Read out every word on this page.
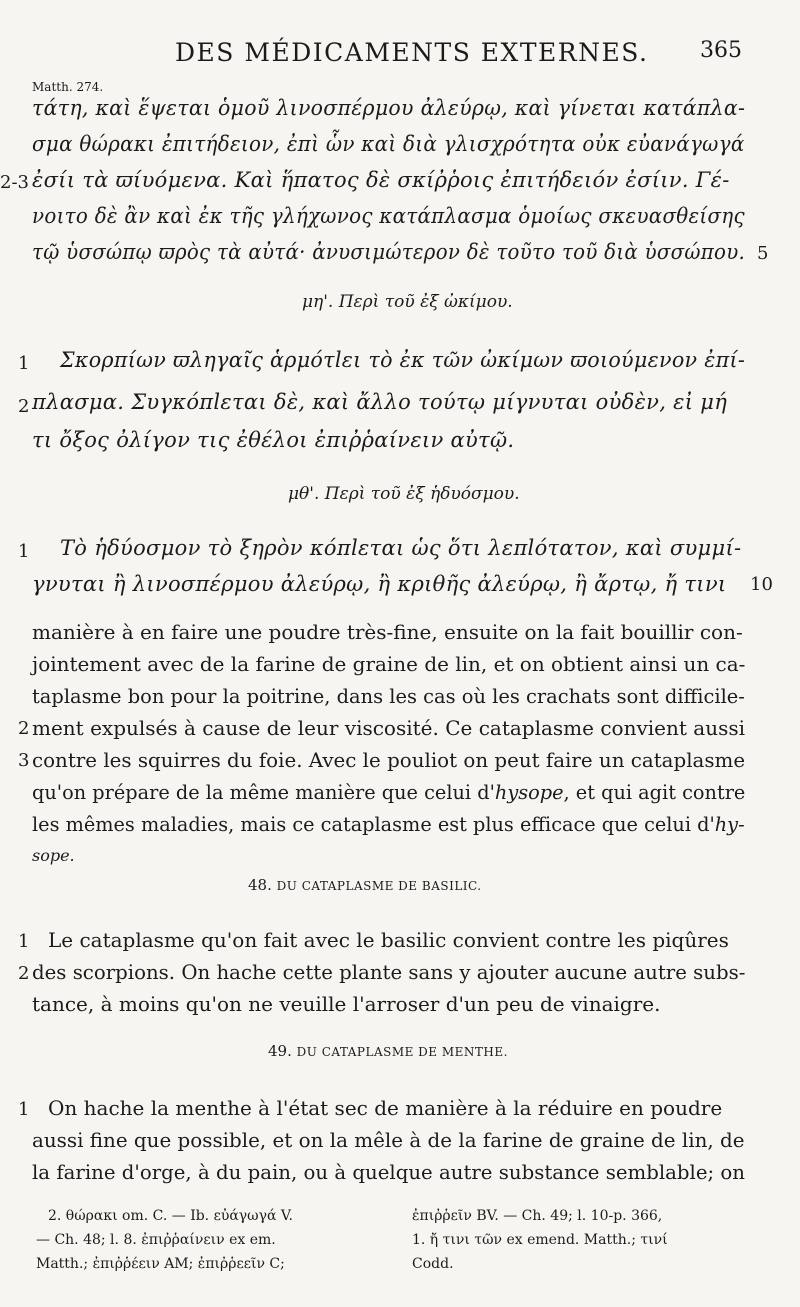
DES MÉDICAMENTS EXTERNES. 365
Matth. 274.
τάτη, καὶ ἕψεται ὁμοῦ λινοσπέρμου ἀλεύρῳ, καὶ γίνεται κατάπλα-
σμα θώρακι ἐπιτήδειον, ἐπὶ ὧν καὶ διὰ γλισχρότητα οὐκ εὐανάγωγά
2-3 ἐσίι τὰ ϖίυόμενα. Καὶ ἥπατος δὲ σκίῤῥοις ἐπιτήδειόν ἐσίιν. Γέ-
νοιτο δὲ ἂν καὶ ἐκ τῆς γλήχωνος κατάπλασμα ὁμοίως σκευασθείσης
τῷ ὑσσώπῳ ϖρὸς τὰ αὐτά· ἀνυσιμώτερον δὲ τοῦτο τοῦ διὰ ὑσσώπου. 5
μη'. Περὶ τοῦ ἐξ ὠκίμου.
1 Σκορπίων ϖληγαῖς ἁρμότlει τὸ ἐκ τῶν ὠκίμων ϖοιούμενον ἐπί-
2 πλασμα. Συγκόπlεται δὲ, καὶ ἄλλο τούτῳ μίγνυται οὐδὲν, εἰ μή
τι ὄξος ὀλίγον τις ἐθέλοι ἐπιῤῥαίνειν αὐτῷ.
μθ'. Περὶ τοῦ ἐξ ἡδυόσμου.
1 Τὸ ἡδύοσμον τὸ ξηρὸν κόπlεται ὡς ὅτι λεπlότατον, καὶ συμμί-
γνυται ἢ λινοσπέρμου ἀλεύρῳ, ἢ κριθῆς ἀλεύρῳ, ἢ ἄρτῳ, ἤ τινι 10
manière à en faire une poudre très-fine, ensuite on la fait bouillir con-
jointement avec de la farine de graine de lin, et on obtient ainsi un ca-
taplasme bon pour la poitrine, dans les cas où les crachats sont difficile-
2 ment expulsés à cause de leur viscosité. Ce cataplasme convient aussi
3 contre les squirres du foie. Avec le pouliot on peut faire un cataplasme
qu'on prépare de la même manière que celui d'hysope, et qui agit contre
les mêmes maladies, mais ce cataplasme est plus efficace que celui d'hy-
sope.
48. DU CATAPLASME DE BASILIC.
1 Le cataplasme qu'on fait avec le basilic convient contre les piqûres
2 des scorpions. On hache cette plante sans y ajouter aucune autre subs-
tance, à moins qu'on ne veuille l'arroser d'un peu de vinaigre.
49. DU CATAPLASME DE MENTHE.
1 On hache la menthe à l'état sec de manière à la réduire en poudre
aussi fine que possible, et on la mêle à de la farine de graine de lin, de
la farine d'orge, à du pain, ou à quelque autre substance semblable; on
2. θώρακι om. C. — Ib. εὐάγωγά V.
— Ch. 48; l. 8. ἐπιῤῥαίνειν ex em.
Matth.; ἐπιῤῥέειν AM; ἐπιῤῥεεῖν C;
ἐπιῤῥεῖν BV. — Ch. 49; l. 10-p. 366,
1. ἤ τινι τῶν ex emend. Matth.; τινί
Codd.
